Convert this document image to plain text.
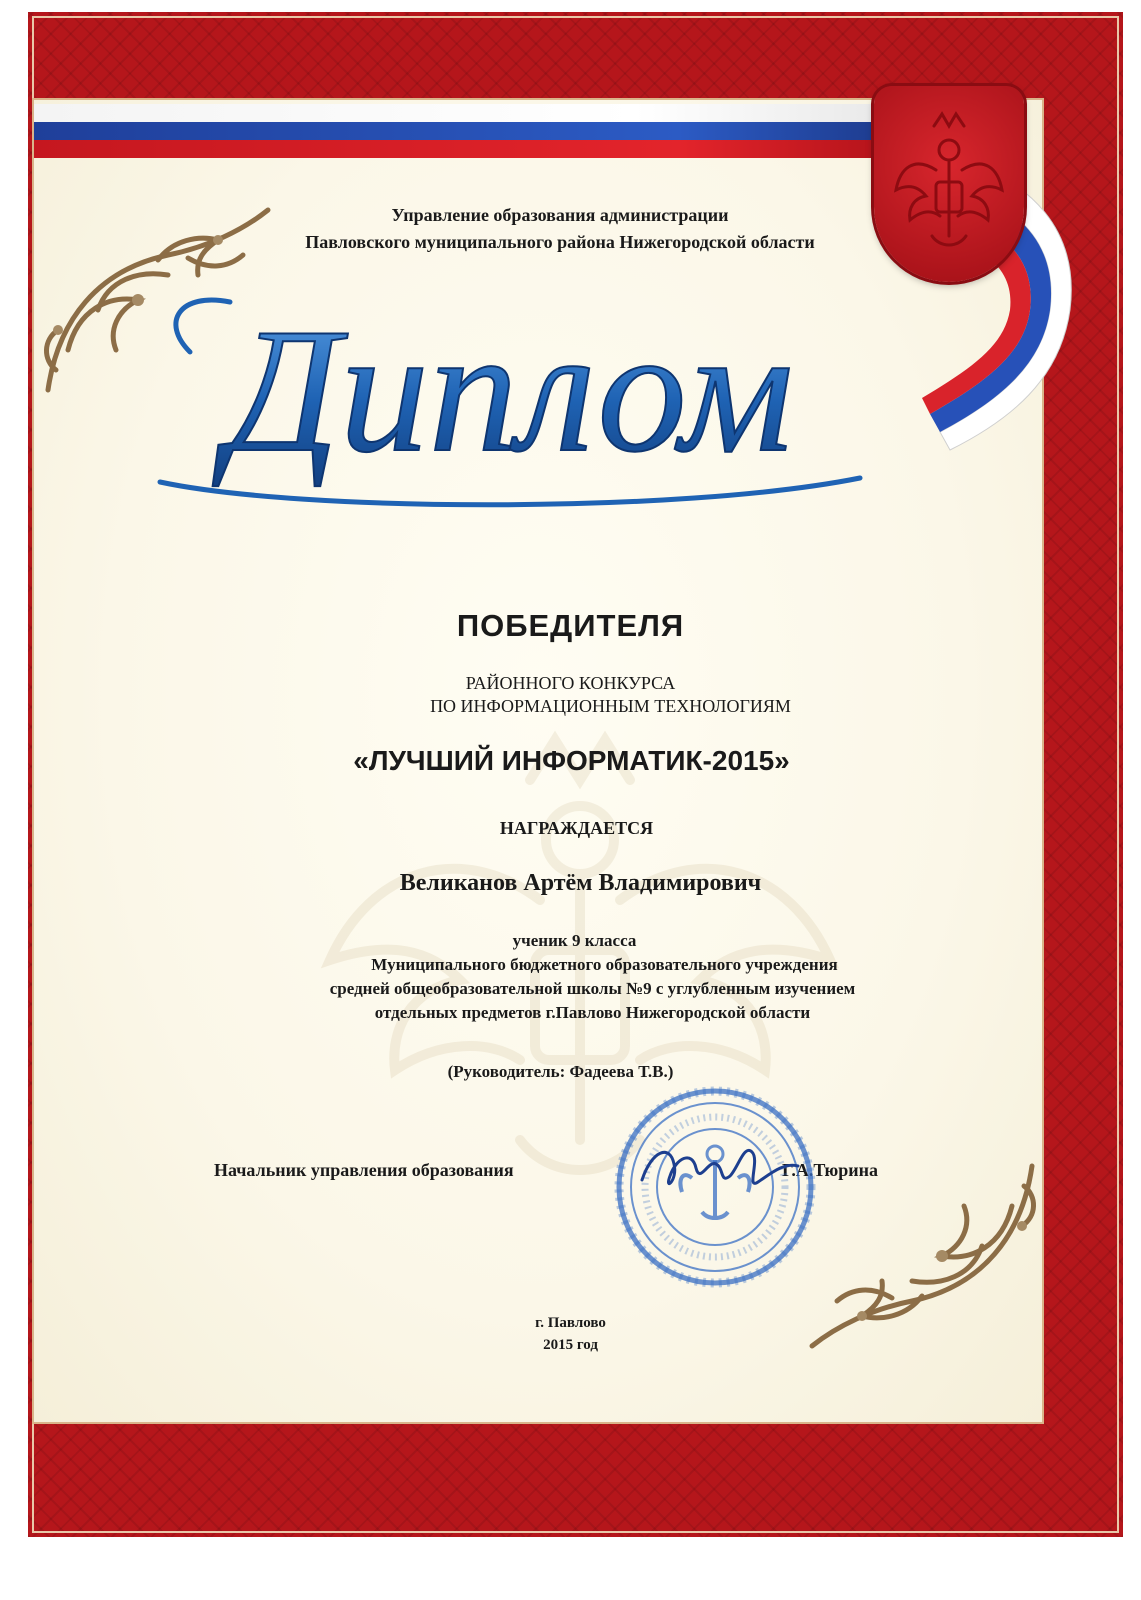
Управление образования администрации
Павловского муниципального района Нижегородской области

Диплом

ПОБЕДИТЕЛЯ

РАЙОННОГО КОНКУРСА

ПО ИНФОРМАЦИОННЫМ ТЕХНОЛОГИЯМ

«ЛУЧШИЙ ИНФОРМАТИК-2015»

НАГРАЖДАЕТСЯ

Великанов Артём Владимирович

ученик 9 класса

Муниципального бюджетного образовательного учреждения

средней общеобразовательной школы №9 с углубленным изучением

отдельных предметов г.Павлово Нижегородской области

(Руководитель: Фадеева Т.В.)

Начальник управления образования	Г.А.Тюрина

г. Павлово

2015 год
